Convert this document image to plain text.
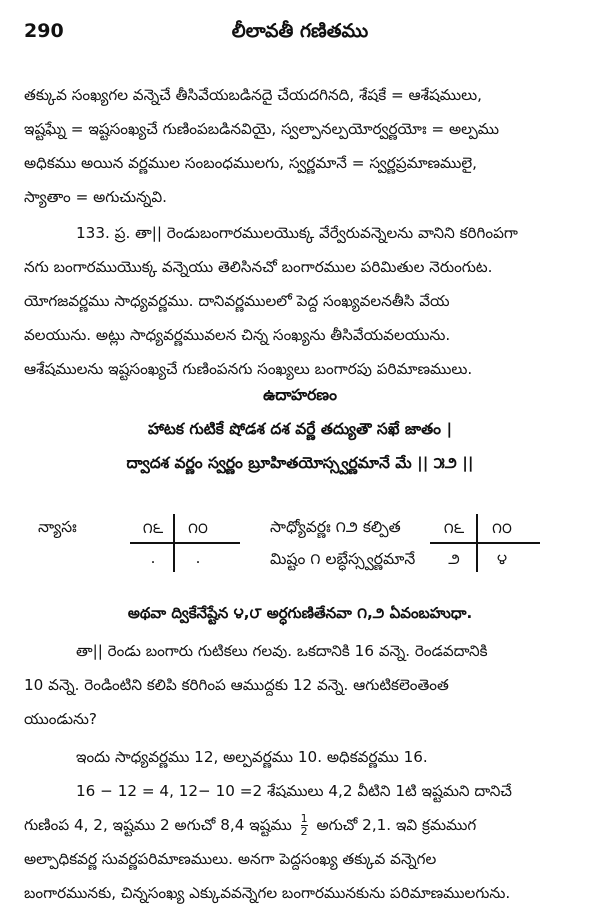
290	లీలావతీ గణితము
తక్కువ సంఖ్యగల వన్నెచే తీసివేయబడినదై చేయదగినది, శేషకే = ఆశేషములు,
ఇష్టఘ్నే = ఇష్టసంఖ్యచే గుణింపబడినవియై, స్వల్పానల్పయోర్వర్ణయోః = అల్పము
అధికము అయిన వర్ణముల సంబంధములగు, స్వర్ణమానే = స్వర్ణప్రమాణములై,
స్యాతాం = అగుచున్నవి.
133. ప్ర. తా|| రెండుబంగారములయొక్క వేర్వేరువన్నెలను వానిని కరిగింపగా
నగు బంగారముయొక్క వన్నెయు తెలిసినచో బంగారముల పరిమితుల నెరుంగుట.
యోగజవర్ణము సాధ్యవర్ణము. దానివర్ణములలో పెద్ద సంఖ్యవలనతీసి వేయ
వలయును. అట్లు సాధ్యవర్ణమువలన చిన్న సంఖ్యను తీసివేయవలయును.
ఆశేషములను ఇష్టసంఖ్యచే గుణింపనగు సంఖ్యలు బంగారపు పరిమాణములు.
ఉదాహరణం
హాటక గుటికే షోడశ దశ వర్ణే తద్యుతౌ సఖే జాతం |
ద్వాదశ వర్ణం స్వర్ణం బ్రూహితయోస్స్వర్ణమానే మే || ౫౨ ||
న్యాసః	౧౬	౧౦
.	.
సాధ్యోవర్ణః ౧౨ కల్పిత
మిష్టం ౧ లబ్ధేస్స్వర్ణమానే
౧౬	౧౦
౨	౪
అథవా ద్వికేనేష్టేన ౪,౮ అర్ధగుణితేనవా ౧,౨ ఏవంబహుధా.
తా|| రెండు బంగారు గుటికలు గలవు. ఒకదానికి 16 వన్నె. రెండవదానికి
10 వన్నె. రెండింటిని కలిపి కరిగింప ఆముద్దకు 12 వన్నె. ఆగుటికలెంతెంత
యుండును?
ఇందు సాధ్యవర్ణము 12, అల్పవర్ణము 10. అధికవర్ణము 16.
16 − 12 = 4, 12− 10 =2 శేషములు 4,2 వీటిని 1టి ఇష్టమని దానిచే
గుణింప 4, 2, ఇష్టము 2 అగుచో 8,4 ఇష్టము $\frac{1}{2}$ అగుచో 2,1. ఇవి క్రమముగ
అల్పాధికవర్ణ సువర్ణపరిమాణములు. అనగా పెద్దసంఖ్య తక్కువ వన్నెగల
బంగారమునకు, చిన్నసంఖ్య ఎక్కువవన్నెగల బంగారమునకును పరిమాణములగును.
